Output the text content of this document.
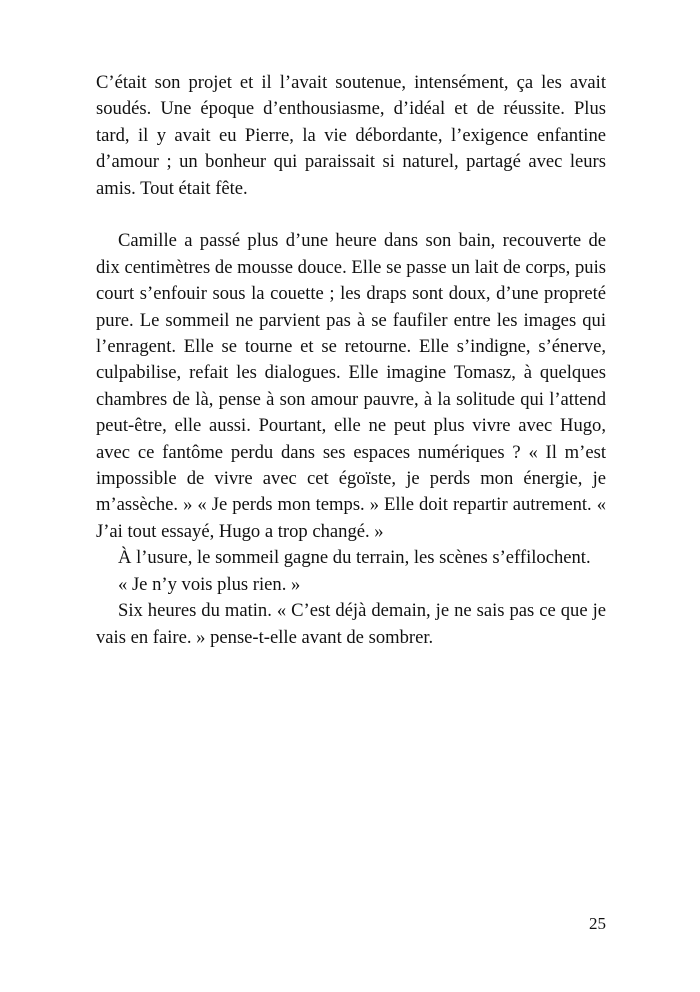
C’était son projet et il l’avait soutenue, intensément, ça les avait soudés. Une époque d’enthousiasme, d’idéal et de réussite. Plus tard, il y avait eu Pierre, la vie débordante, l’exigence enfantine d’amour ; un bonheur qui paraissait si naturel, partagé avec leurs amis. Tout était fête.

Camille a passé plus d’une heure dans son bain, recouverte de dix centimètres de mousse douce. Elle se passe un lait de corps, puis court s’enfouir sous la couette ; les draps sont doux, d’une propreté pure. Le sommeil ne parvient pas à se faufiler entre les images qui l’enragent. Elle se tourne et se retourne. Elle s’indigne, s’énerve, culpabilise, refait les dialogues. Elle imagine Tomasz, à quelques chambres de là, pense à son amour pauvre, à la solitude qui l’attend peut-être, elle aussi. Pourtant, elle ne peut plus vivre avec Hugo, avec ce fantôme perdu dans ses espaces numériques ? « Il m’est impossible de vivre avec cet égoïste, je perds mon énergie, je m’assèche. » « Je perds mon temps. » Elle doit repartir autrement. « J’ai tout essayé, Hugo a trop changé. »

À l’usure, le sommeil gagne du terrain, les scènes s’effilochent.

« Je n’y vois plus rien. »

Six heures du matin. « C’est déjà demain, je ne sais pas ce que je vais en faire. » pense-t-elle avant de sombrer.

25
